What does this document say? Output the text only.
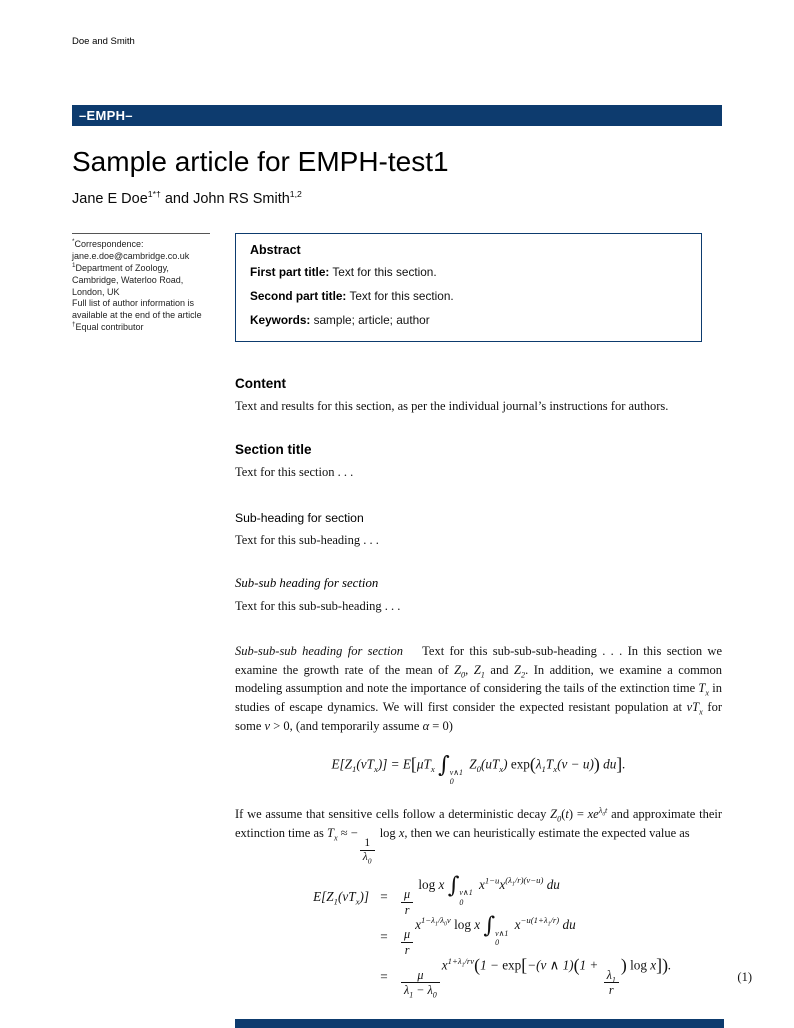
Doe and Smith
–EMPH–
Sample article for EMPH-test1
Jane E Doe$^{1*\dagger}$ and John RS Smith$^{1,2}$
*Correspondence:
jane.e.doe@cambridge.co.uk
$^1$Department of Zoology,
Cambridge, Waterloo Road,
London, UK
Full list of author information is
available at the end of the article
†Equal contributor
Abstract

First part title: Text for this section.

Second part title: Text for this section.

Keywords: sample; article; author

Content

Text and results for this section, as per the individual journal’s instructions for authors.

Section title

Text for this section . . .

Sub-heading for section

Text for this sub-heading . . .

Sub-sub heading for section

Text for this sub-sub-heading . . .

Sub-sub-sub heading for section Text for this sub-sub-sub-heading . . . In this section we examine the growth rate of the mean of $Z_0$, $Z_1$ and $Z_2$. In addition, we examine a common modeling assumption and note the importance of considering the tails of the extinction time $T_x$ in studies of escape dynamics. We will first consider the expected resistant population at $vT_x$ for some v > 0, (and temporarily assume α = 0)

$E[Z_1(vT_x)] = E[\mu T_x$ ∫ v∧1
0
$Z_0(uT_x) \exp(\lambda_1T_x(v - u))$ du].

If we assume that sensitive cells follow a deterministic decay $Z_0(t) = xe^{\lambda_0t}$ and approximate their extinction time as $T_x$ ≈ −
$\frac{1}{\lambda_0}$
log x, then we can heuristically estimate the expected value as

$E[Z_1(vT_x)]$ =	$\frac{\mu}{r}$
log x ∫ v∧1
0
$x^{1-u}x^{(\lambda_1/r)(v-u)}$ du
=	$\frac{\mu}{r}$
$x^{1-\lambda_1/\lambda_0v}$ log x ∫ v∧1
0
$x^{-u(1+\lambda_1/r)}$ du
=	$\frac{\mu}{\lambda_1 - \lambda_0}$
$x^{1+\lambda_1/rv}(1 - \exp[-(v$ ∧ 1)(1 +
$\frac{\lambda_1}{r}$
) log x]).
(1)
